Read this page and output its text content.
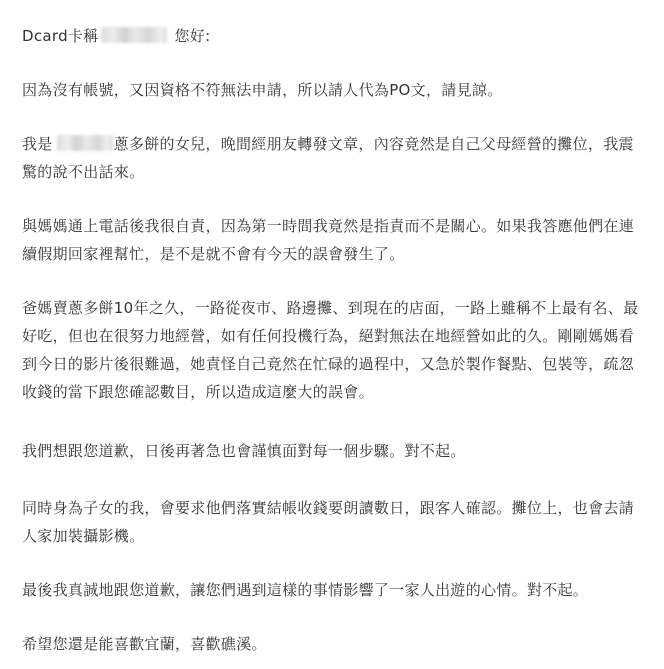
Dcard卡稱	您好:

因為沒有帳號，又因資格不符無法申請，所以請人代為PO文，請見諒。

我是	蔥多餅的女兒，晚間經朋友轉發文章，內容竟然是自己父母經營的攤位，我震驚的說不出話來。

與媽媽通上電話後我很自責，因為第一時間我竟然是指責而不是關心。如果我答應他們在連續假期回家裡幫忙，是不是就不會有今天的誤會發生了。

爸媽賣蔥多餅10年之久，一路從夜市、路邊攤、到現在的店面，一路上雖稱不上最有名、最好吃，但也在很努力地經營，如有任何投機行為，絕對無法在地經營如此的久。剛剛媽媽看到今日的影片後很難過，她責怪自己竟然在忙碌的過程中，又急於製作餐點、包裝等，疏忽收錢的當下跟您確認數目，所以造成這麼大的誤會。

我們想跟您道歉，日後再著急也會謹慎面對每一個步驟。對不起。

同時身為子女的我，會要求他們落實結帳收錢要朗讀數日，跟客人確認。攤位上，也會去請人家加裝攝影機。

最後我真誠地跟您道歉，讓您們遇到這樣的事情影響了一家人出遊的心情。對不起。

希望您還是能喜歡宜蘭，喜歡礁溪。
